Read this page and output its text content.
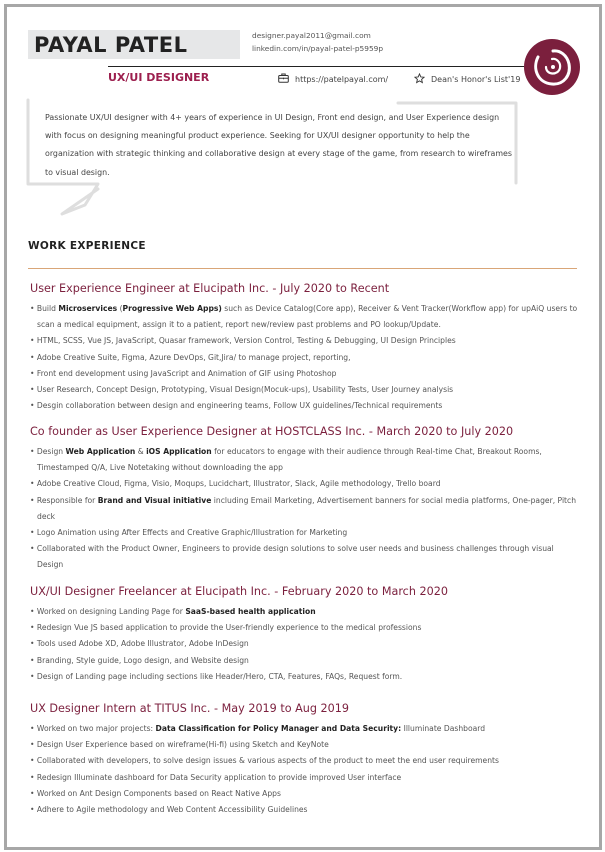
PAYAL PATEL	designer.payal2011@gmail.com
linkedin.com/in/payal-patel-p5959p
UX/UI DESIGNER	https://patelpayal.com/	Dean's Honor's List'19
Passionate UX/UI designer with 4+ years of experience in UI Design, Front end design, and User Experience design with focus on designing meaningful product experience. Seeking for UX/UI designer opportunity to help the organization with strategic thinking and collaborative design at every stage of the game, from research to wireframes to visual design.
WORK EXPERIENCE
User Experience Engineer at Elucipath Inc. - July 2020 to Recent
• Build Microservices (Progressive Web Apps) such as Device Catalog(Core app), Receiver & Vent Tracker(Workflow app) for upAiQ users to scan a medical equipment, assign it to a patient, report new/review past problems and PO lookup/Update.
• HTML, SCSS, Vue JS, JavaScript, Quasar framework, Version Control, Testing & Debugging, UI Design Principles
• Adobe Creative Suite, Figma, Azure DevOps, Git,Jira/ to manage project, reporting,
• Front end development using JavaScript and Animation of GIF using Photoshop
• User Research, Concept Design, Prototyping, Visual Design(Mocuk-ups), Usability Tests, User Journey analysis
• Desgin collaboration between design and engineering teams, Follow UX guidelines/Technical requirements
Co founder as User Experience Designer at HOSTCLASS Inc. - March 2020 to July 2020
• Design Web Application & iOS Application for educators to engage with their audience through Real-time Chat, Breakout Rooms, Timestamped Q/A, Live Notetaking without downloading the app
• Adobe Creative Cloud, Figma, Visio, Moqups, Lucidchart, Illustrator, Slack, Agile methodology, Trello board
• Responsible for Brand and Visual initiative including Email Marketing, Advertisement banners for social media platforms, One-pager, Pitch deck
• Logo Animation using After Effects and Creative Graphic/Illustration for Marketing
• Collaborated with the Product Owner, Engineers to provide design solutions to solve user needs and business challenges through visual Design
UX/UI Designer Freelancer at Elucipath Inc. - February 2020 to March 2020
• Worked on designing Landing Page for SaaS-based health application
• Redesign Vue JS based application to provide the User-friendly experience to the medical professions
• Tools used Adobe XD, Adobe Illustrator, Adobe InDesign
• Branding, Style guide, Logo design, and Website design
• Design of Landing page including sections like Header/Hero, CTA, Features, FAQs, Request form.
UX Designer Intern at TITUS Inc. - May 2019 to Aug 2019
• Worked on two major projects: Data Classification for Policy Manager and Data Security: Illuminate Dashboard
• Design User Experience based on wireframe(Hi-fi) using Sketch and KeyNote
• Collaborated with developers, to solve design issues & various aspects of the product to meet the end user requirements
• Redesign Illuminate dashboard for Data Security application to provide improved User interface
• Worked on Ant Design Components based on React Native Apps
• Adhere to Agile methodology and Web Content Accessibility Guidelines
